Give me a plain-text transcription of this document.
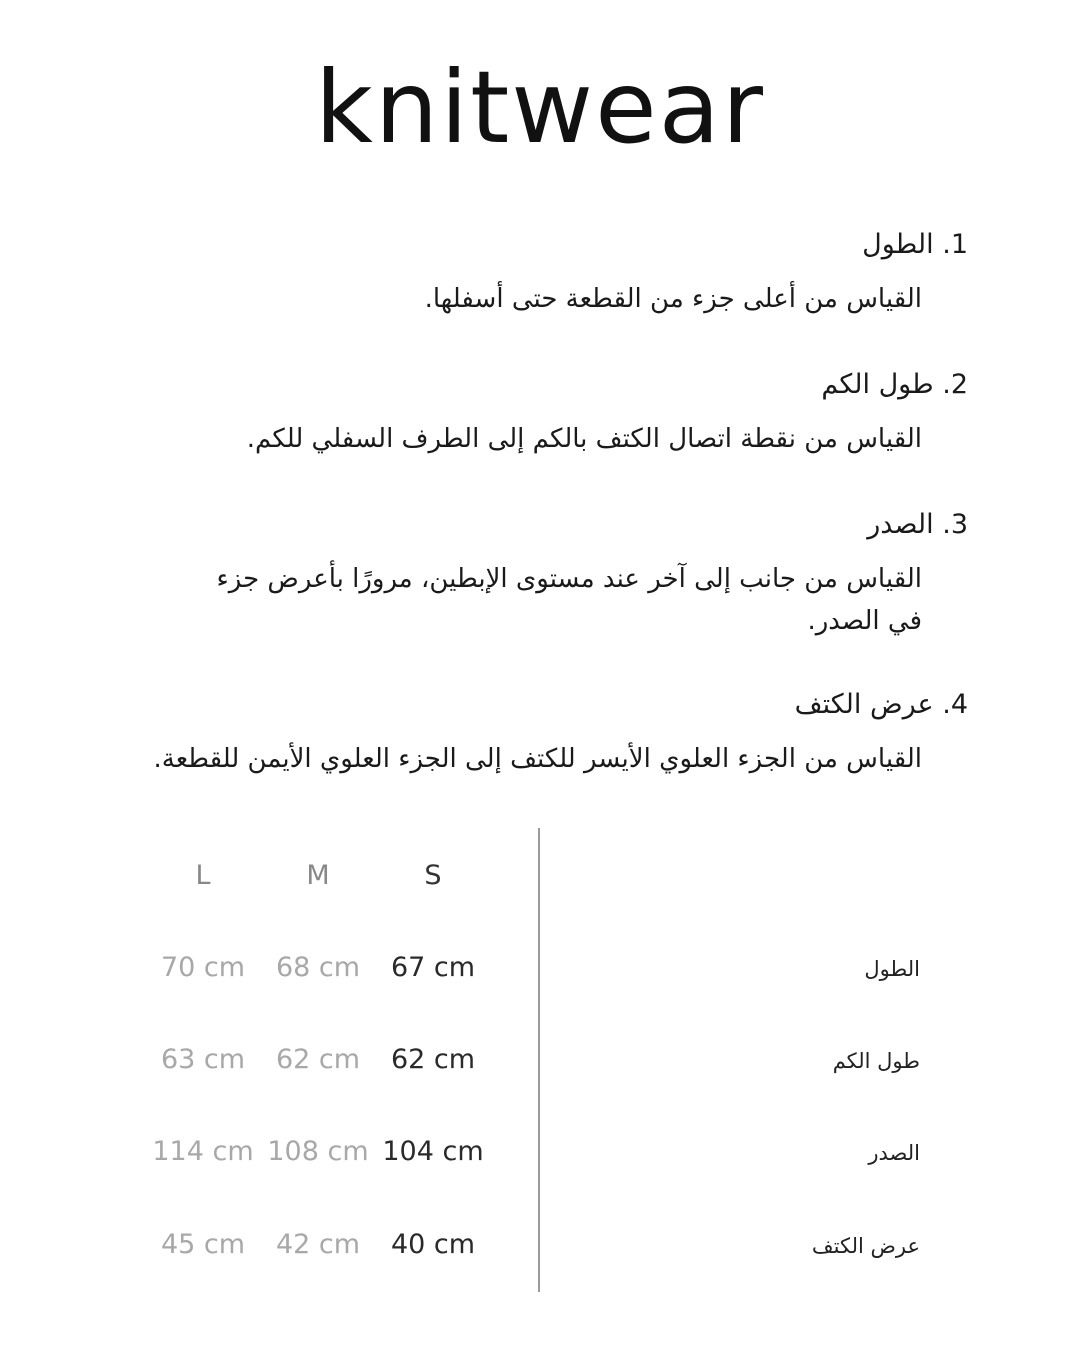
knitwear
1. الطول
القياس من أعلى جزء من القطعة حتى أسفلها.
2. طول الكم
القياس من نقطة اتصال الكتف بالكم إلى الطرف السفلي للكم.
3. الصدر
القياس من جانب إلى آخر عند مستوى الإبطين، مرورًا بأعرض جزء في الصدر.
4. عرض الكتف
القياس من الجزء العلوي الأيسر للكتف إلى الجزء العلوي الأيمن للقطعة.
L	M	S
70 cm	68 cm	67 cm	الطول
63 cm	62 cm	62 cm	طول الكم
114 cm 108 cm 104 cm	الصدر
45 cm	42 cm	40 cm	عرض الكتف
